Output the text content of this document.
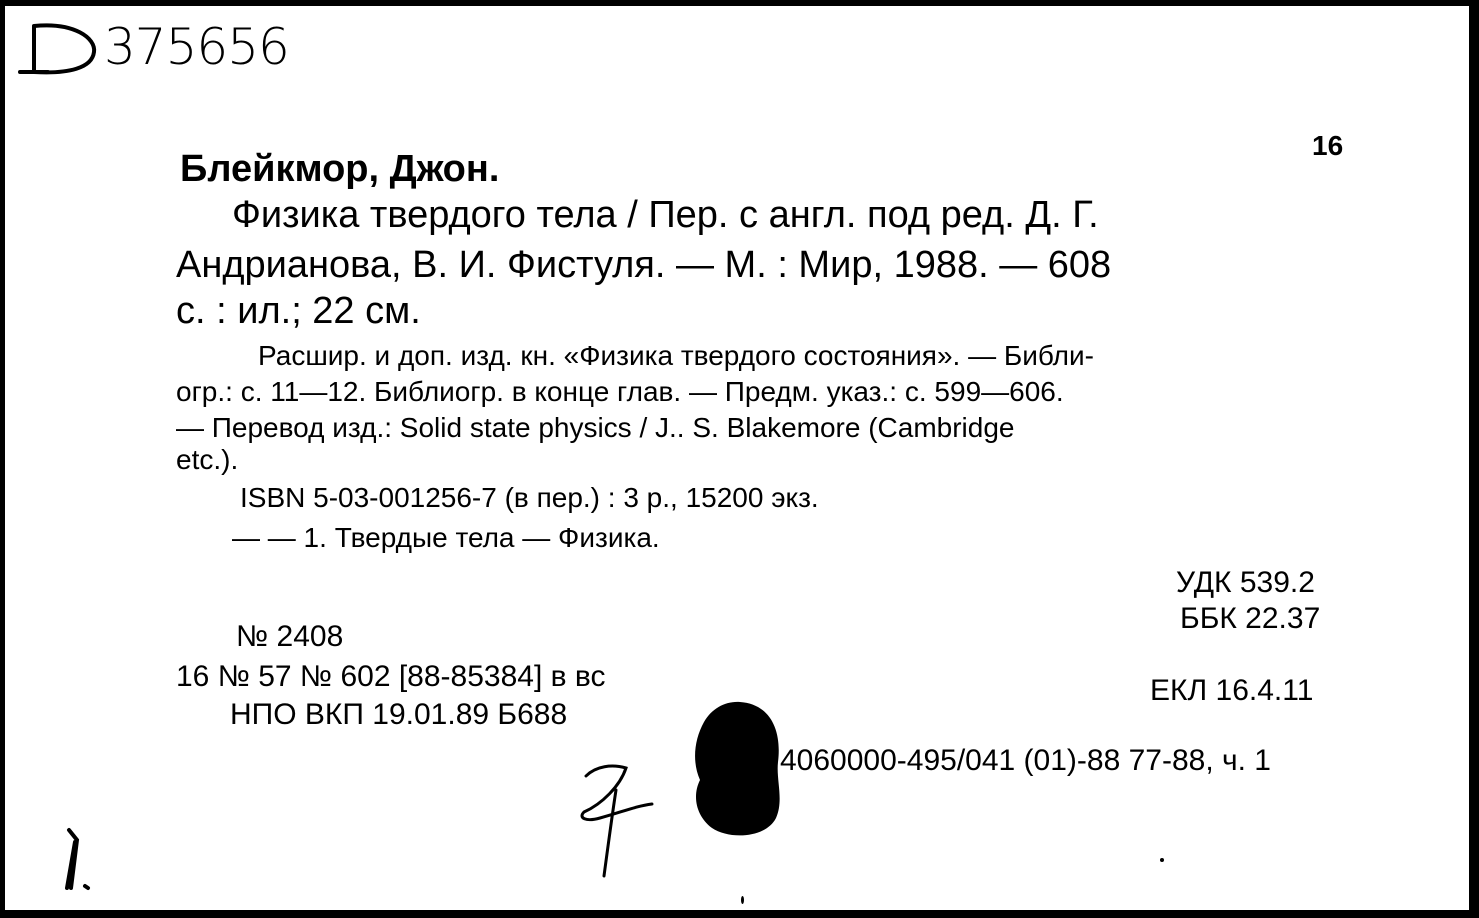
375656
16
Блейкмор, Джон.
Физика твердого тела / Пер. с англ. под ред. Д. Г.
Андрианова, В. И. Фистуля. — М. : Мир, 1988. — 608
с. : ил.; 22 см.
Расшир. и доп. изд. кн. «Физика твердого состояния». — Библи-
огр.: с. 11—12. Библиогр. в конце глав. — Предм. указ.: с. 599—606.
— Перевод изд.: Solid state physics / J.. S. Blakemore (Cambridge
etc.).
ISBN 5-03-001256-7 (в пер.) : 3 р., 15200 экз.
— — 1. Твердые тела — Физика.
УДК 539.2
ББК 22.37
№ 2408
16 № 57 № 602 [88-85384] в вс
НПО ВКП 19.01.89 Б688
ЕКЛ 16.4.11
4060000-495/041 (01)-88 77-88, ч. 1
